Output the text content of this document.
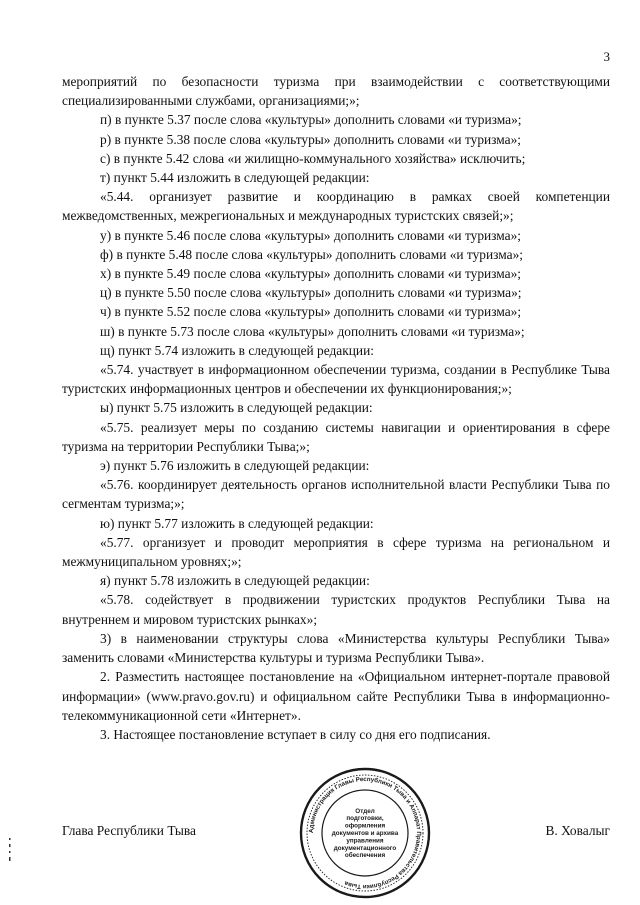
3

мероприятий по безопасности туризма при взаимодействии с соответствующими специализированными службами, организациями;»;

п) в пункте 5.37 после слова «культуры» дополнить словами «и туризма»;

р) в пункте 5.38 после слова «культуры» дополнить словами «и туризма»;

с) в пункте 5.42 слова «и жилищно-коммунального хозяйства» исключить;

т) пункт 5.44 изложить в следующей редакции:

«5.44. организует развитие и координацию в рамках своей компетенции межведомственных, межрегиональных и международных туристских связей;»;

у) в пункте 5.46 после слова «культуры» дополнить словами «и туризма»;

ф) в пункте 5.48 после слова «культуры» дополнить словами «и туризма»;

х) в пункте 5.49 после слова «культуры» дополнить словами «и туризма»;

ц) в пункте 5.50 после слова «культуры» дополнить словами «и туризма»;

ч) в пункте 5.52 после слова «культуры» дополнить словами «и туризма»;

ш) в пункте 5.73 после слова «культуры» дополнить словами «и туризма»;

щ) пункт 5.74 изложить в следующей редакции:

«5.74. участвует в информационном обеспечении туризма, создании в Республике Тыва туристских информационных центров и обеспечении их функционирования;»;

ы) пункт 5.75 изложить в следующей редакции:

«5.75. реализует меры по созданию системы навигации и ориентирования в сфере туризма на территории Республики Тыва;»;

э) пункт 5.76 изложить в следующей редакции:

«5.76. координирует деятельность органов исполнительной власти Республики Тыва по сегментам туризма;»;

ю) пункт 5.77 изложить в следующей редакции:

«5.77. организует и проводит мероприятия в сфере туризма на региональном и межмуниципальном уровнях;»;

я) пункт 5.78 изложить в следующей редакции:

«5.78. содействует в продвижении туристских продуктов Республики Тыва на внутреннем и мировом туристских рынках»;

3) в наименовании структуры слова «Министерства культуры Республики Тыва» заменить словами «Министерства культуры и туризма Республики Тыва».

2. Разместить настоящее постановление на «Официальном интернет-портале правовой информации» (www.pravo.gov.ru) и официальном сайте Республики Тыва в информационно-телекоммуникационной сети «Интернет».

3. Настоящее постановление вступает в силу со дня его подписания.

Глава Республики Тыва	В. Ховалыг
Администрация Главы Республики Тыва и Аппарат Правительства Республики Тыва
Отдел
подготовки,
оформления
документов и архива
управления
документационного
обеспечения
